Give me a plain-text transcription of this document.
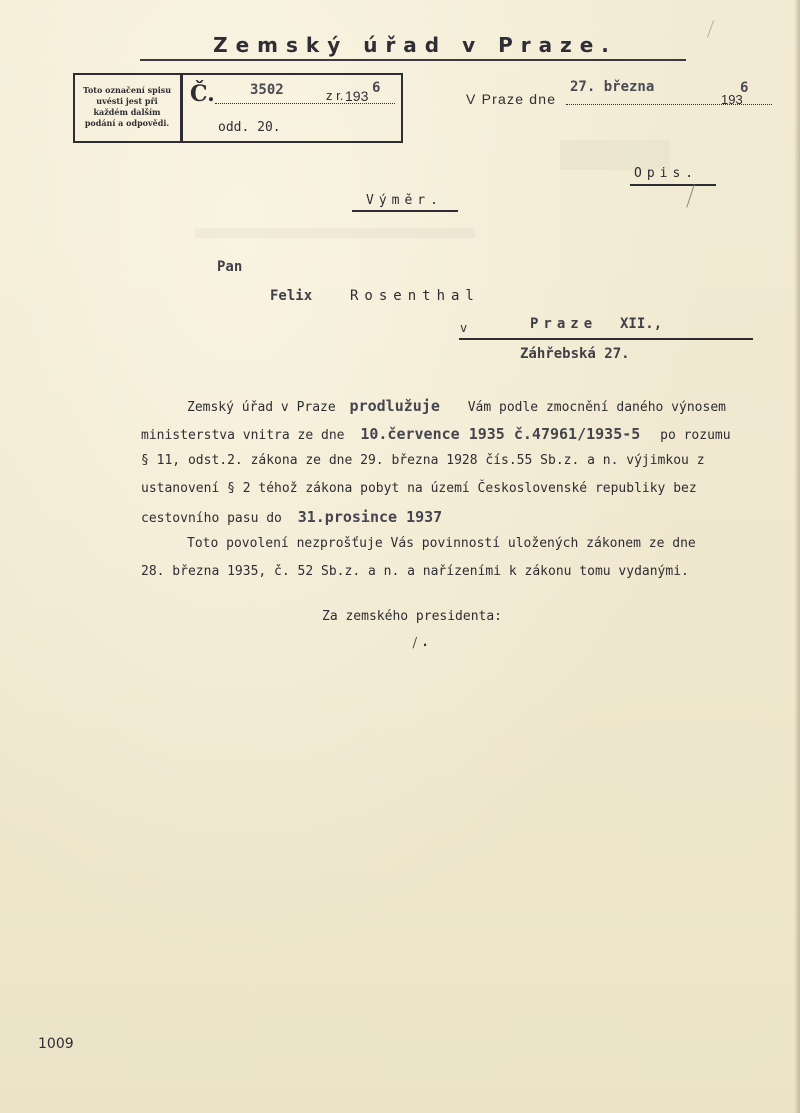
Zemský úřad v Praze.
Toto označení spisu uvésti jest při každém dalším podání a odpovědi.
Č.	3502	z r. 193 6
odd. 20.
V Praze dne
27. března
193
6
Opis.
Výměr.
Pan
Felix	Rosenthal
v	Praze XII.,
Záhřebská 27.
Zemský úřad v Praze prodlužuje Vám podle zmocnění daného výnosem
ministerstva vnitra ze dne 10.července 1935 č.47961/1935-5 po rozumu
§ 11, odst.2. zákona ze dne 29. března 1928 čís.55 Sb.z. a n. výjimkou z
ustanovení § 2 téhož zákona pobyt na území Československé republiky bez
cestovního pasu do 31.prosince 1937
Toto povolení nezprošťuje Vás povinností uložených zákonem ze dne
28. března 1935, č. 52 Sb.z. a n. a nařízeními k zákonu tomu vydanými.
Za zemského presidenta:
⁄.
1009
